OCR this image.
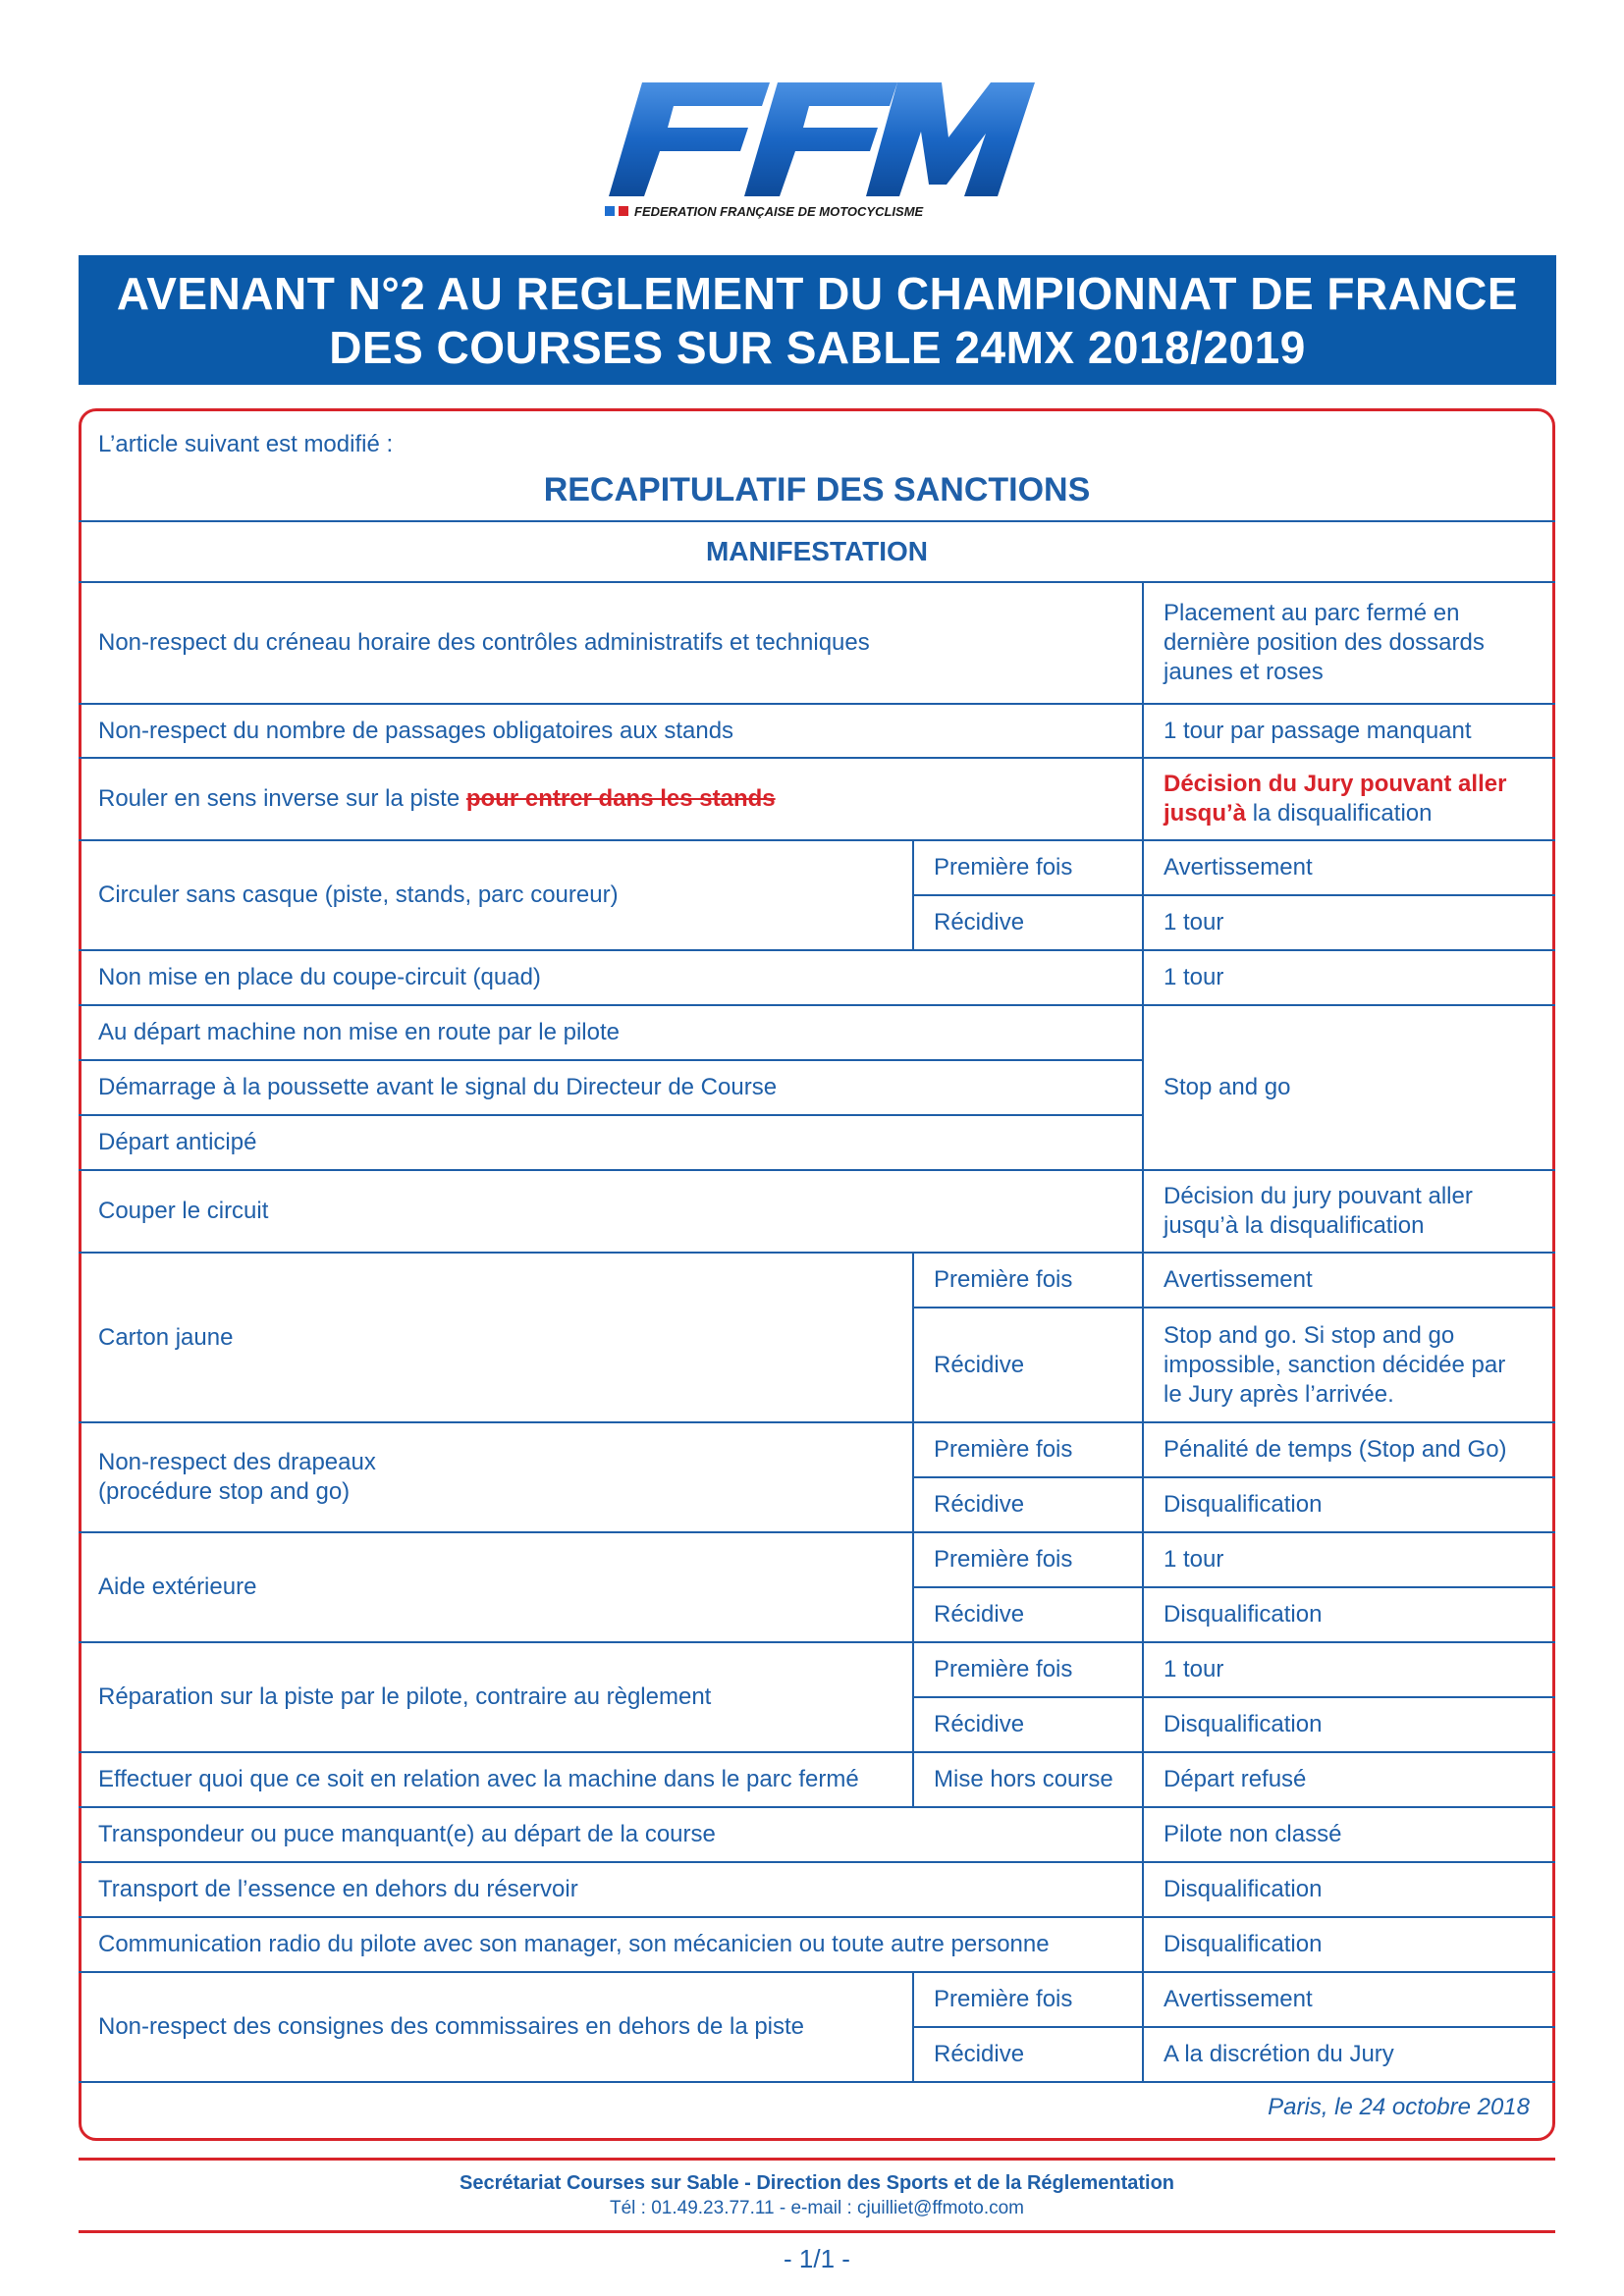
FEDERATION FRANÇAISE DE MOTOCYCLISME
AVENANT N°2 AU REGLEMENT DU CHAMPIONNAT DE FRANCE
DES COURSES SUR SABLE 24MX 2018/2019
L’article suivant est modifié :
RECAPITULATIF DES SANCTIONS
MANIFESTATION		
Non-respect du créneau horaire des contrôles administratifs et techniques		Placement au parc fermé en
dernière position des dossards
jaunes et roses
Non-respect du nombre de passages obligatoires aux stands		1 tour par passage manquant
Rouler en sens inverse sur la piste pour entrer dans les stands		Décision du Jury pouvant aller jusqu’à la disqualification
Circuler sans casque (piste, stands, parc coureur)	Première fois	Avertissement
	Récidive	1 tour
Non mise en place du coupe-circuit (quad)		1 tour
Au départ machine non mise en route par le pilote		Stop and go
Démarrage à la poussette avant le signal du Directeur de Course		
Départ anticipé		
Couper le circuit		Décision du jury pouvant aller
jusqu’à la disqualification
Carton jaune	Première fois	Avertissement
	Récidive	Stop and go. Si stop and go
impossible, sanction décidée par
le Jury après l’arrivée.
Non-respect des drapeaux
(procédure stop and go)	Première fois	Pénalité de temps (Stop and Go)
	Récidive	Disqualification
Aide extérieure	Première fois	1 tour
	Récidive	Disqualification
Réparation sur la piste par le pilote, contraire au règlement	Première fois	1 tour
	Récidive	Disqualification
Effectuer quoi que ce soit en relation avec la machine dans le parc fermé	Mise hors course	Départ refusé
Transpondeur ou puce manquant(e) au départ de la course		Pilote non classé
Transport de l’essence en dehors du réservoir		Disqualification
Communication radio du pilote avec son manager, son mécanicien ou toute autre personne		Disqualification
Non-respect des consignes des commissaires en dehors de la piste	Première fois	Avertissement
	Récidive	A la discrétion du Jury
Paris, le 24 octobre 2018
Secrétariat Courses sur Sable - Direction des Sports et de la Réglementation
Tél : 01.49.23.77.11 - e-mail : cjuilliet@ffmoto.com
- 1/1 -
